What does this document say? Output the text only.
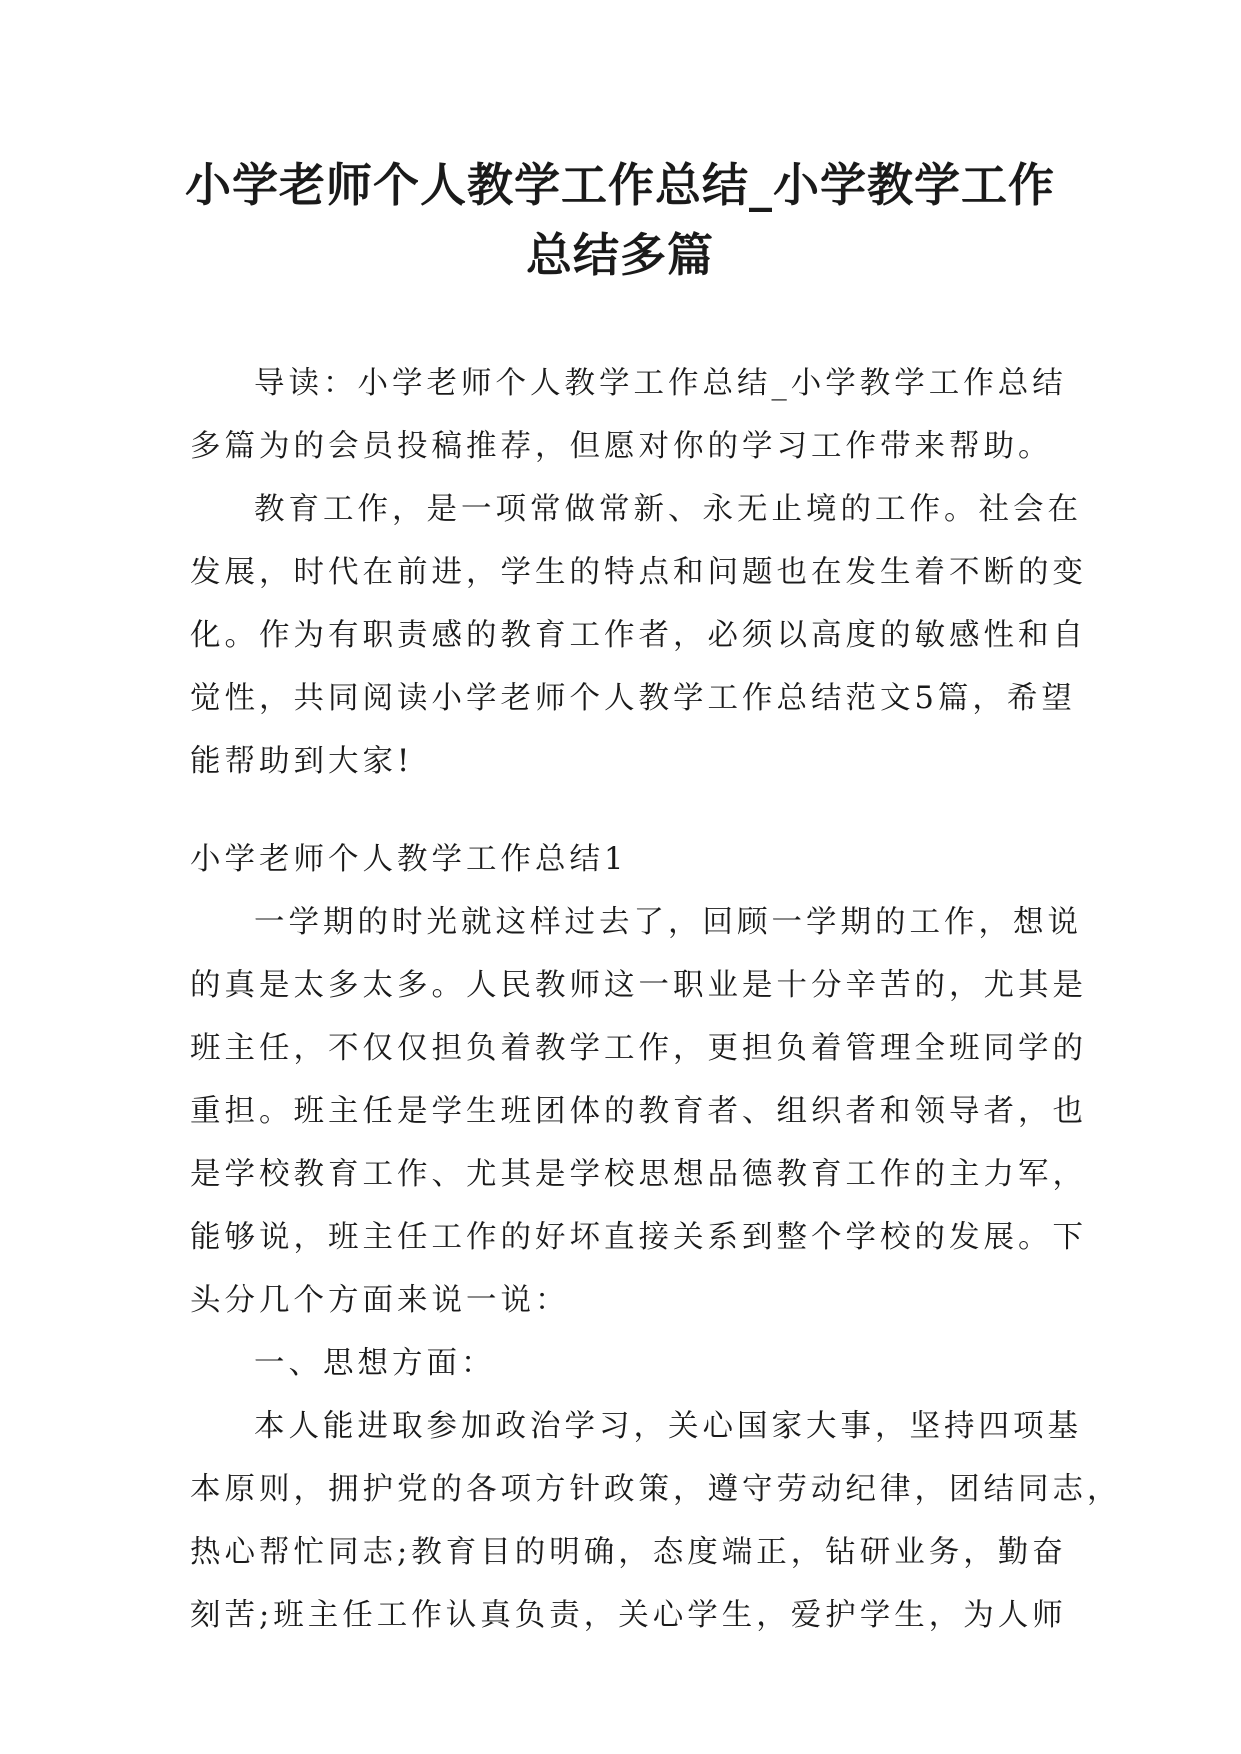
小学老师个人教学工作总结_小学教学工作
总结多篇
导读：小学老师个人教学工作总结_小学教学工作总结
多篇为的会员投稿推荐，但愿对你的学习工作带来帮助。
教育工作，是一项常做常新、永无止境的工作。社会在
发展，时代在前进，学生的特点和问题也在发生着不断的变
化。作为有职责感的教育工作者，必须以高度的敏感性和自
觉性，共同阅读小学老师个人教学工作总结范文5篇，希望
能帮助到大家!
小学老师个人教学工作总结1
一学期的时光就这样过去了，回顾一学期的工作，想说
的真是太多太多。人民教师这一职业是十分辛苦的，尤其是
班主任，不仅仅担负着教学工作，更担负着管理全班同学的
重担。班主任是学生班团体的教育者、组织者和领导者，也
是学校教育工作、尤其是学校思想品德教育工作的主力军，
能够说，班主任工作的好坏直接关系到整个学校的发展。下
头分几个方面来说一说：
一、思想方面：
本人能进取参加政治学习，关心国家大事，坚持四项基
本原则，拥护党的各项方针政策，遵守劳动纪律，团结同志，
热心帮忙同志;教育目的明确，态度端正，钻研业务，勤奋
刻苦;班主任工作认真负责，关心学生，爱护学生，为人师
